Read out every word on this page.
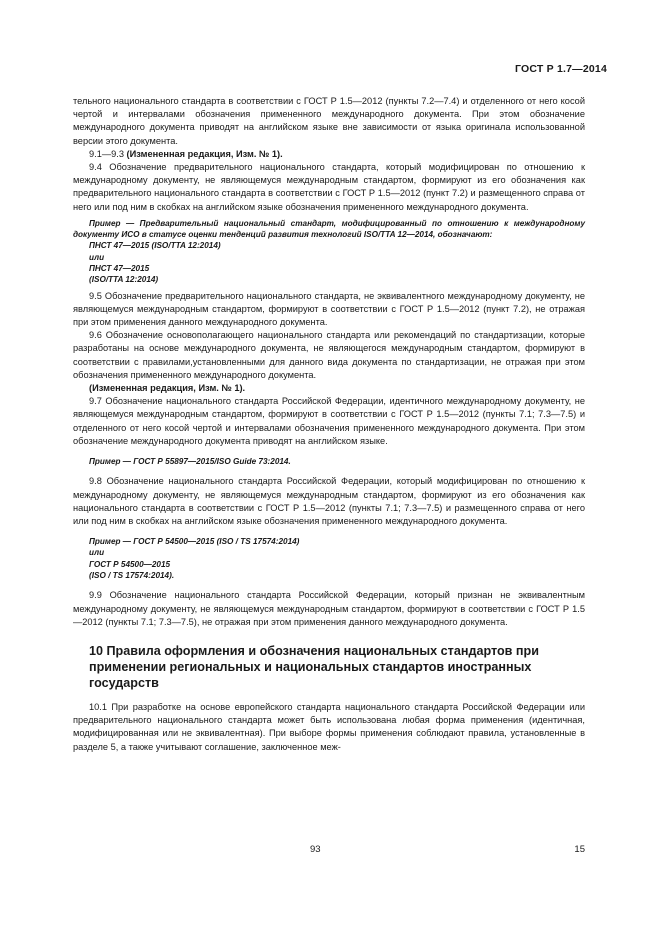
ГОСТ Р 1.7—2014

тельного национального стандарта в соответствии с ГОСТ Р 1.5—2012 (пункты 7.2—7.4) и отделенного от него косой чертой и интервалами обозначения примененного международного документа. При этом обозначение международного документа приводят на английском языке вне зависимости от языка оригинала использованной версии этого документа.

9.1—9.3 (Измененная редакция, Изм. № 1).

9.4 Обозначение предварительного национального стандарта, который модифицирован по отношению к международному документу, не являющемуся международным стандартом, формируют из его обозначения как предварительного национального стандарта в соответствии с ГОСТ Р 1.5—2012 (пункт 7.2) и размещенного справа от него или под ним в скобках на английском языке обозначения примененного международного документа.

Пример — Предварительный национальный стандарт, модифицированный по отношению к международному документу ИСО в статусе оценки тенденций развития технологий ISO/TTA 12—2014, обозначают:

ПНСТ 47—2015 (ISO/TTA 12:2014)

или

ПНСТ 47—2015

(ISO/TTA 12:2014)

9.5 Обозначение предварительного национального стандарта, не эквивалентного международному документу, не являющемуся международным стандартом, формируют в соответствии с ГОСТ Р 1.5—2012 (пункт 7.2), не отражая при этом применения данного международного документа.

9.6 Обозначение основополагающего национального стандарта или рекомендаций по стандартизации, которые разработаны на основе международного документа, не являющегося международным стандартом, формируют в соответствии с правилами,установленными для данного вида документа по стандартизации, не отражая при этом обозначения примененного международного документа.

(Измененная редакция, Изм. № 1).

9.7 Обозначение национального стандарта Российской Федерации, идентичного международному документу, не являющемуся международным стандартом, формируют в соответствии с ГОСТ Р 1.5—2012 (пункты 7.1; 7.3—7.5) и отделенного от него косой чертой и интервалами обозначения примененного международного документа. При этом обозначение международного документа приводят на английском языке.

Пример — ГОСТ Р 55897—2015/ISO Guide 73:2014.

9.8 Обозначение национального стандарта Российской Федерации, который модифицирован по отношению к международному документу, не являющемуся международным стандартом, формируют из его обозначения как национального стандарта в соответствии с ГОСТ Р 1.5—2012 (пункты 7.1; 7.3—7.5) и размещенного справа от него или под ним в скобках на английском языке обозначения примененного международного документа.

Пример — ГОСТ Р 54500—2015 (ISO / TS 17574:2014)

или

ГОСТ Р 54500—2015

(ISO / TS 17574:2014).

9.9 Обозначение национального стандарта Российской Федерации, который признан не эквивалентным международному документу, не являющемуся международным стандартом, формируют в соответствии с ГОСТ Р 1.5—2012 (пункты 7.1; 7.3—7.5), не отражая при этом применения данного международного документа.

10 Правила оформления и обозначения национальных стандартов при применении региональных и национальных стандартов иностранных государств

10.1 При разработке на основе европейского стандарта национального стандарта Российской Федерации или предварительного национального стандарта может быть использована любая форма применения (идентичная, модифицированная или не эквивалентная). При выборе формы применения соблюдают правила, установленные в разделе 5, а также учитывают соглашение, заключенное меж-

93	15
